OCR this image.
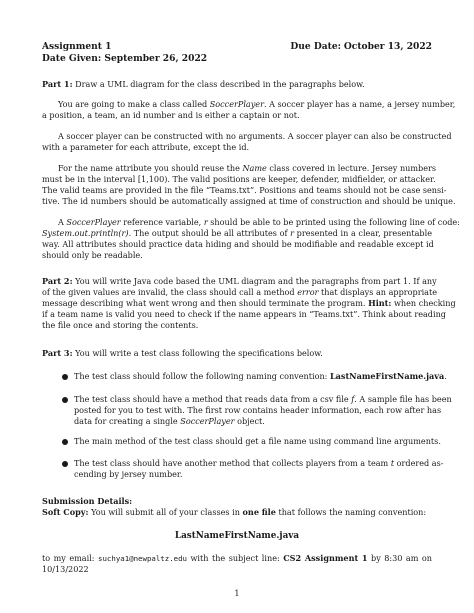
Assignment 1	Due Date: October 13, 2022
Date Given: September 26, 2022
Part 1: Draw a UML diagram for the class described in the paragraphs below.
You are going to make a class called SoccerPlayer. A soccer player has a name, a jersey number,
a position, a team, an id number and is either a captain or not.
A soccer player can be constructed with no arguments. A soccer player can also be constructed
with a parameter for each attribute, except the id.
For the name attribute you should reuse the Name class covered in lecture. Jersey numbers
must be in the interval [1,100). The valid positions are keeper, defender, midfielder, or attacker.
The valid teams are provided in the file “Teams.txt”. Positions and teams should not be case sensi-
tive. The id numbers should be automatically assigned at time of construction and should be unique.
A SoccerPlayer reference variable, r should be able to be printed using the following line of code:
System.out.println(r). The output should be all attributes of r presented in a clear, presentable
way. All attributes should practice data hiding and should be modifiable and readable except id
should only be readable.
Part 2: You will write Java code based the UML diagram and the paragraphs from part 1. If any
of the given values are invalid, the class should call a method error that displays an appropriate
message describing what went wrong and then should terminate the program. Hint: when checking
if a team name is valid you need to check if the name appears in “Teams.txt”. Think about reading
the file once and storing the contents.
Part 3: You will write a test class following the specifications below.
The test class should follow the following naming convention: LastNameFirstName.java.
The test class should have a method that reads data from a csv file f. A sample file has been
posted for you to test with. The first row contains header information, each row after has
data for creating a single SoccerPlayer object.
The main method of the test class should get a file name using command line arguments.
The test class should have another method that collects players from a team t ordered as-
cending by jersey number.
Submission Details:
Soft Copy: You will submit all of your classes in one file that follows the naming convention:
LastNameFirstName.java
to my email: suchya1@newpaltz.edu with the subject line: CS2 Assignment 1 by 8:30 am on
10/13/2022
1
